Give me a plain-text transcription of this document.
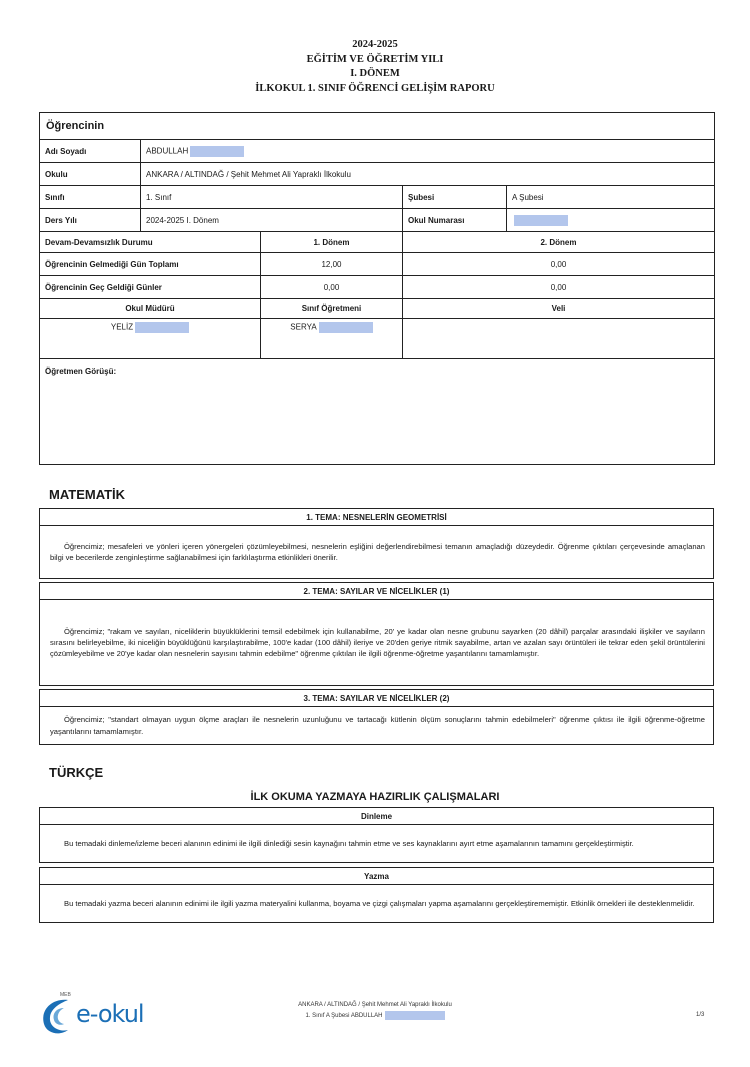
2024-2025
EĞİTİM VE ÖĞRETİM YILI
I. DÖNEM
İLKOKUL 1. SINIF ÖĞRENCİ GELİŞİM RAPORU
Öğrencinin				
Adı Soyadı	ABDULLAH			
Okulu	ANKARA / ALTINDAĞ / Şehit Mehmet Ali Yapraklı İlkokulu			
Sınıfı	1. Sınıf		Şubesi	A Şubesi
Ders Yılı	2024-2025 I. Dönem		Okul Numarası	
Devam-Devamsızlık Durumu		1. Dönem	2. Dönem	
Öğrencinin Gelmediği Gün Toplamı		12,00	0,00	
Öğrencinin Geç Geldiği Günler		0,00	0,00	
Okul Müdürü		Sınıf Öğretmeni	Veli	
YELİZ		SERYA		
Öğretmen Görüşü:				
MATEMATİK
1. TEMA: NESNELERİN GEOMETRİSİ
Öğrencimiz; mesafeleri ve yönleri içeren yönergeleri çözümleyebilmesi, nesnelerin eşliğini değerlendirebilmesi temanın amaçladığı düzeydedir. Öğrenme çıktıları çerçevesinde amaçlanan bilgi ve becerilerde zenginleştirme sağlanabilmesi için farklılaştırma etkinlikleri önerilir.
2. TEMA: SAYILAR VE NİCELİKLER (1)
Öğrencimiz; "rakam ve sayıları, niceliklerin büyüklüklerini temsil edebilmek için kullanabilme, 20' ye kadar olan nesne grubunu sayarken (20 dâhil) parçalar arasındaki ilişkiler ve sayıların sırasını belirleyebilme, iki niceliğin büyüklüğünü karşılaştırabilme, 100'e kadar (100 dâhil) ileriye ve 20'den geriye ritmik sayabilme, artan ve azalan sayı örüntüleri ile tekrar eden şekil örüntülerini çözümleyebilme ve 20'ye kadar olan nesnelerin sayısını tahmin edebilme" öğrenme çıktıları ile ilgili öğrenme-öğretme yaşantılarını tamamlamıştır.
3. TEMA: SAYILAR VE NİCELİKLER (2)
Öğrencimiz; "standart olmayan uygun ölçme araçları ile nesnelerin uzunluğunu ve tartacağı kütlenin ölçüm sonuçlarını tahmin edebilmeleri" öğrenme çıktısı ile ilgili öğrenme-öğretme yaşantılarını tamamlamıştır.
TÜRKÇE
İLK OKUMA YAZMAYA HAZIRLIK ÇALIŞMALARI
Dinleme
Bu temadaki dinleme/izleme beceri alanının edinimi ile ilgili dinlediği sesin kaynağını tahmin etme ve ses kaynaklarını ayırt etme aşamalarının tamamını gerçekleştirmiştir.
Yazma
Bu temadaki yazma beceri alanının edinimi ile ilgili yazma materyalini kullanma, boyama ve çizgi çalışmaları yapma aşamalarını gerçekleştirememiştir. Etkinlik örnekleri ile desteklenmelidir.
MEB
e-okul	ANKARA / ALTINDAĞ / Şehit Mehmet Ali Yapraklı İlkokulu
1. Sınıf A Şubesi ABDULLAH	1/3
